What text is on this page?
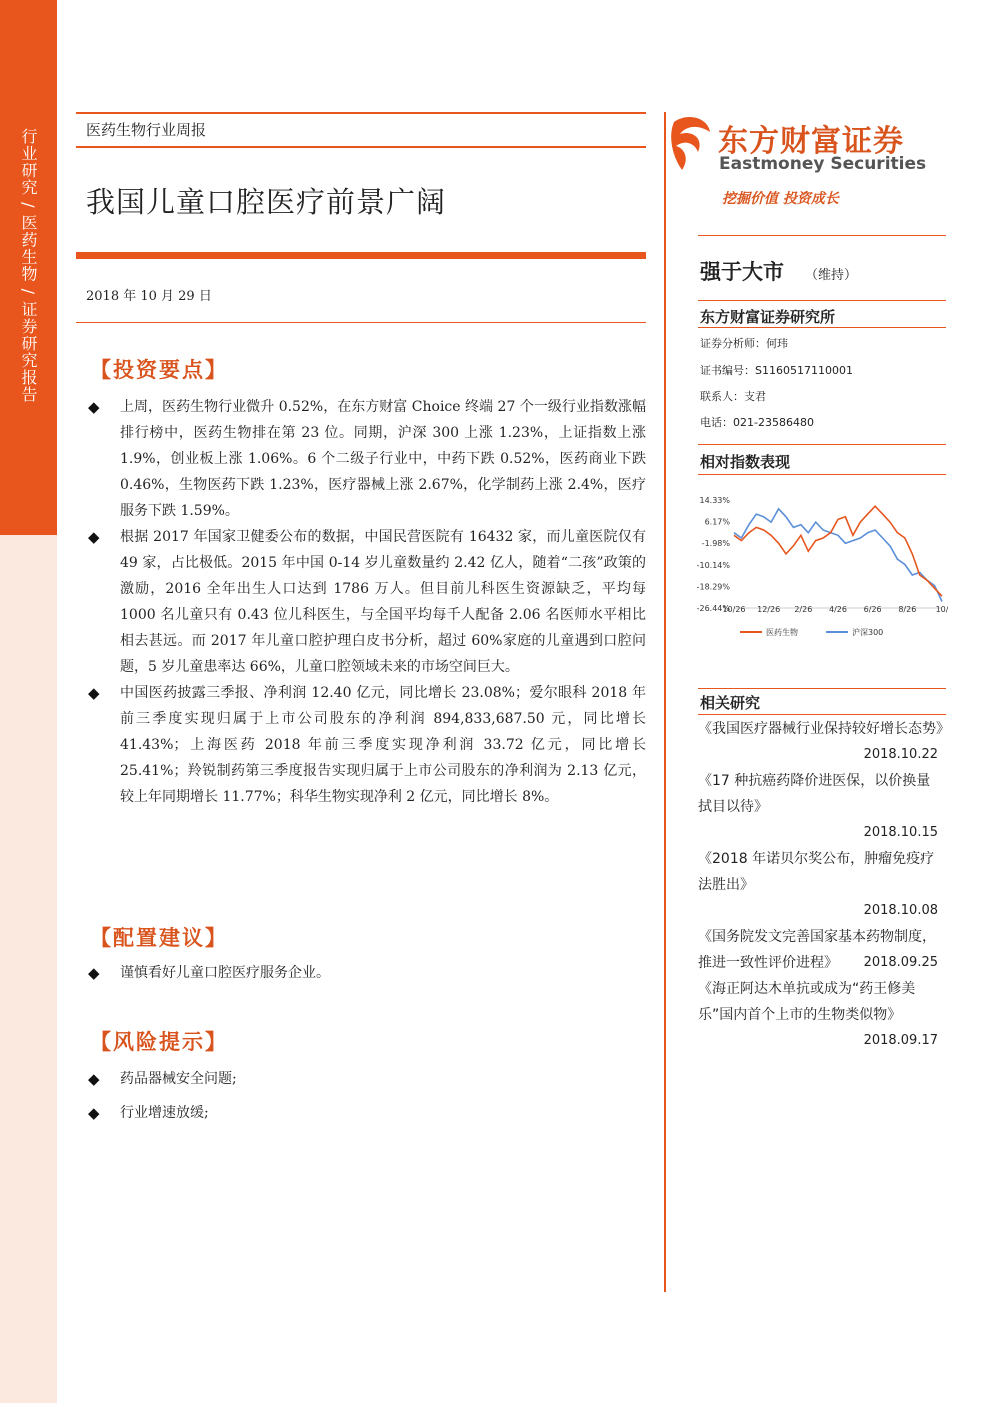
行业研究 / 医药生物 / 证券研究报告	医药生物行业周报
我国儿童口腔医疗前景广阔
2018 年 10 月 29 日
【投资要点】
◆ 上周，医药生物行业微升 0.52%，在东方财富 Choice 终端 27 个一级行业指数涨幅排行榜中，医药生物排在第 23 位。同期，沪深 300 上涨 1.23%，上证指数上涨 1.9%，创业板上涨 1.06%。6 个二级子行业中，中药下跌 0.52%，医药商业下跌 0.46%，生物医药下跌 1.23%，医疗器械上涨 2.67%，化学制药上涨 2.4%，医疗服务下跌 1.59%。
◆ 根据 2017 年国家卫健委公布的数据，中国民营医院有 16432 家，而儿童医院仅有 49 家，占比极低。2015 年中国 0-14 岁儿童数量约 2.42 亿人，随着“二孩”政策的激励，2016 全年出生人口达到 1786 万人。但目前儿科医生资源缺乏，平均每 1000 名儿童只有 0.43 位儿科医生，与全国平均每千人配备 2.06 名医师水平相比相去甚远。而 2017 年儿童口腔护理白皮书分析，超过 60%家庭的儿童遇到口腔问题，5 岁儿童患率达 66%，儿童口腔领域未来的市场空间巨大。
◆ 中国医药披露三季报、净利润 12.40 亿元，同比增长 23.08%；爱尔眼科 2018 年前三季度实现归属于上市公司股东的净利润 894,833,687.50 元，同比增长 41.43%；上海医药 2018 年前三季度实现净利润 33.72 亿元，同比增长 25.41%；羚锐制药第三季度报告实现归属于上市公司股东的净利润为 2.13 亿元，较上年同期增长 11.77%；科华生物实现净利 2 亿元，同比增长 8%。
【配置建议】
◆ 谨慎看好儿童口腔医疗服务企业。
【风险提示】
◆ 药品器械安全问题;
◆ 行业增速放缓;
东方财富证券
Eastmoney Securities
挖掘价值 投资成长
强于大市 （维持）
东方财富证券研究所
证券分析师：何玮
证书编号：S1160517110001
联系人：支君
电话：021-23586480
相对指数表现
14.33%
6.17%
-1.98%
-10.14%
-18.29%
-26.44%
10/26 12/26 2/26 4/26 6/26 8/26 10/
医药生物	沪深300
相关研究
《我国医疗器械行业保持较好增长态势》
2018.10.22
《17 种抗癌药降价进医保，以价换量拭目以待》
2018.10.15
《2018 年诺贝尔奖公布，肿瘤免疫疗法胜出》
2018.10.08
《国务院发文完善国家基本药物制度，推进一致性评价进程》	2018.09.25
《海正阿达木单抗或成为“药王修美乐”国内首个上市的生物类似物》
2018.09.17
